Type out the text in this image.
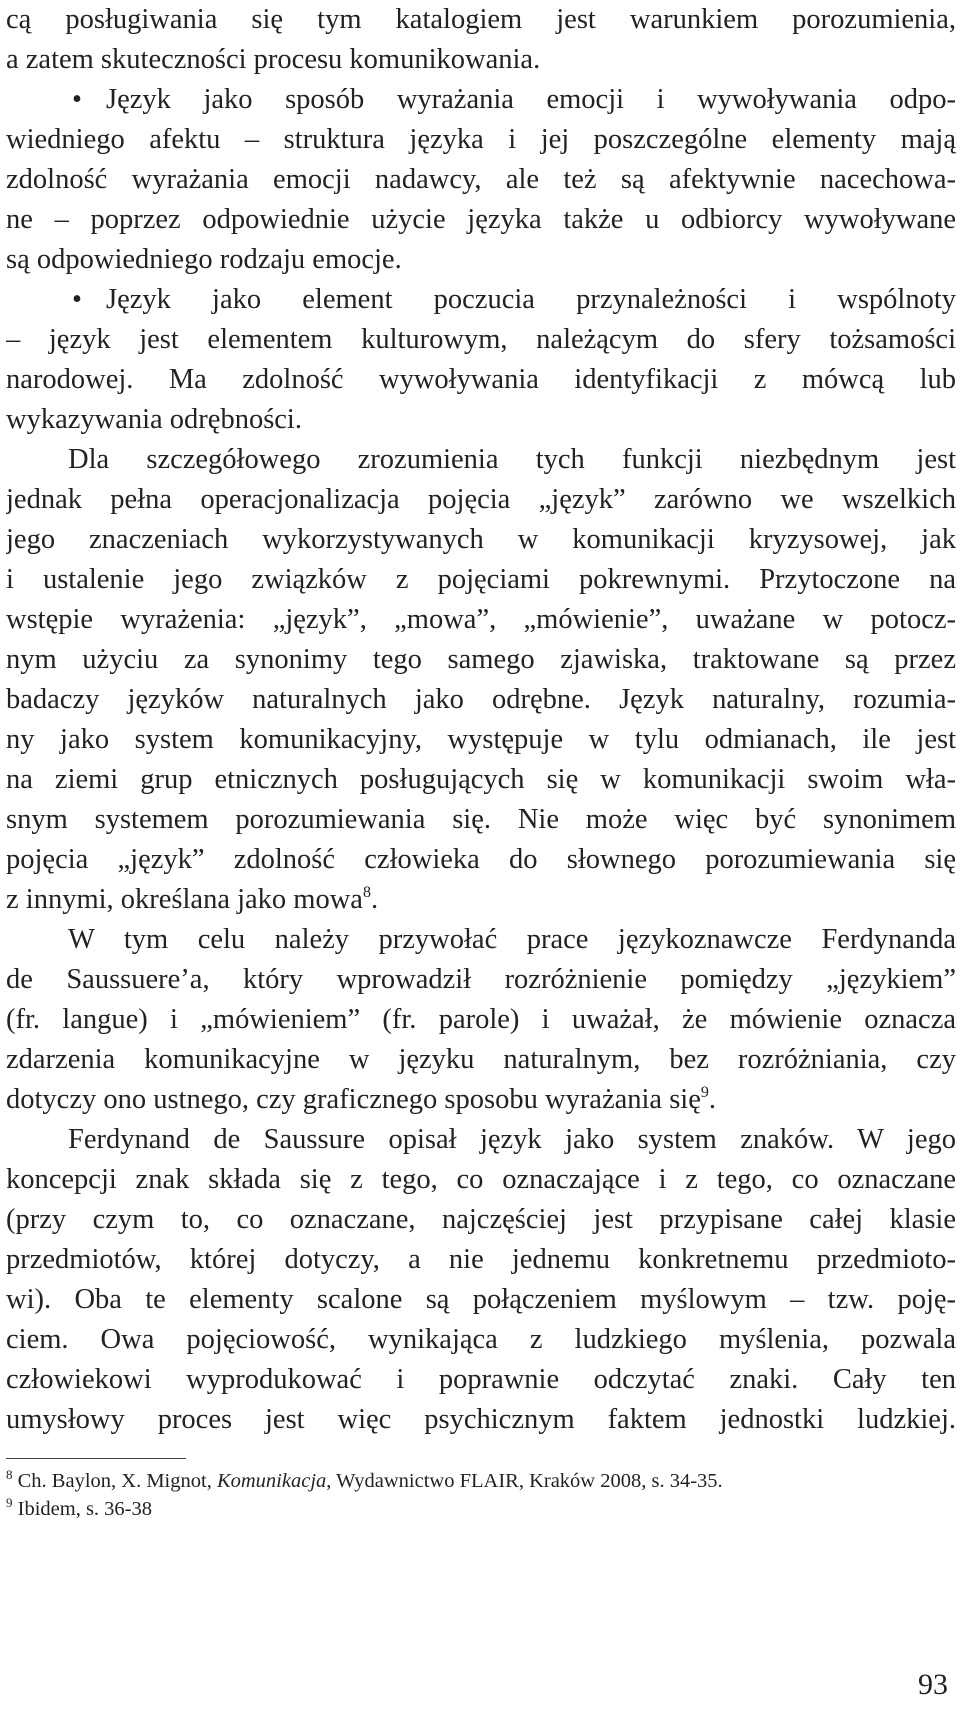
cą posługiwania się tym katalogiem jest warunkiem porozumienia,
a zatem skuteczności procesu komunikowania.
• Język jako sposób wyrażania emocji i wywoływania odpo-
wiedniego afektu – struktura języka i jej poszczególne elementy mają
zdolność wyrażania emocji nadawcy, ale też są afektywnie nacechowa-
ne – poprzez odpowiednie użycie języka także u odbiorcy wywoływane
są odpowiedniego rodzaju emocje.
• Język jako element poczucia przynależności i wspólnoty
– język jest elementem kulturowym, należącym do sfery tożsamości
narodowej. Ma zdolność wywoływania identyfikacji z mówcą lub
wykazywania odrębności.
Dla szczegółowego zrozumienia tych funkcji niezbędnym jest
jednak pełna operacjonalizacja pojęcia „język” zarówno we wszelkich
jego znaczeniach wykorzystywanych w komunikacji kryzysowej, jak
i ustalenie jego związków z pojęciami pokrewnymi. Przytoczone na
wstępie wyrażenia: „język”, „mowa”, „mówienie”, uważane w potocz-
nym użyciu za synonimy tego samego zjawiska, traktowane są przez
badaczy języków naturalnych jako odrębne. Język naturalny, rozumia-
ny jako system komunikacyjny, występuje w tylu odmianach, ile jest
na ziemi grup etnicznych posługujących się w komunikacji swoim wła-
snym systemem porozumiewania się. Nie może więc być synonimem
pojęcia „język” zdolność człowieka do słownego porozumiewania się
z innymi, określana jako mowa$^8$.
W tym celu należy przywołać prace językoznawcze Ferdynanda
de Saussuere’a, który wprowadził rozróżnienie pomiędzy „językiem”
(fr. langue) i „mówieniem” (fr. parole) i uważał, że mówienie oznacza
zdarzenia komunikacyjne w języku naturalnym, bez rozróżniania, czy
dotyczy ono ustnego, czy graficznego sposobu wyrażania się$^9$.
Ferdynand de Saussure opisał język jako system znaków. W jego
koncepcji znak składa się z tego, co oznaczające i z tego, co oznaczane
(przy czym to, co oznaczane, najczęściej jest przypisane całej klasie
przedmiotów, której dotyczy, a nie jednemu konkretnemu przedmioto-
wi). Oba te elementy scalone są połączeniem myślowym – tzw. poję-
ciem. Owa pojęciowość, wynikająca z ludzkiego myślenia, pozwala
człowiekowi wyprodukować i poprawnie odczytać znaki. Cały ten
umysłowy proces jest więc psychicznym faktem jednostki ludzkiej.
$^8$ Ch. Baylon, X. Mignot, Komunikacja, Wydawnictwo FLAIR, Kraków 2008, s. 34-35.
$^9$ Ibidem, s. 36-38
93
